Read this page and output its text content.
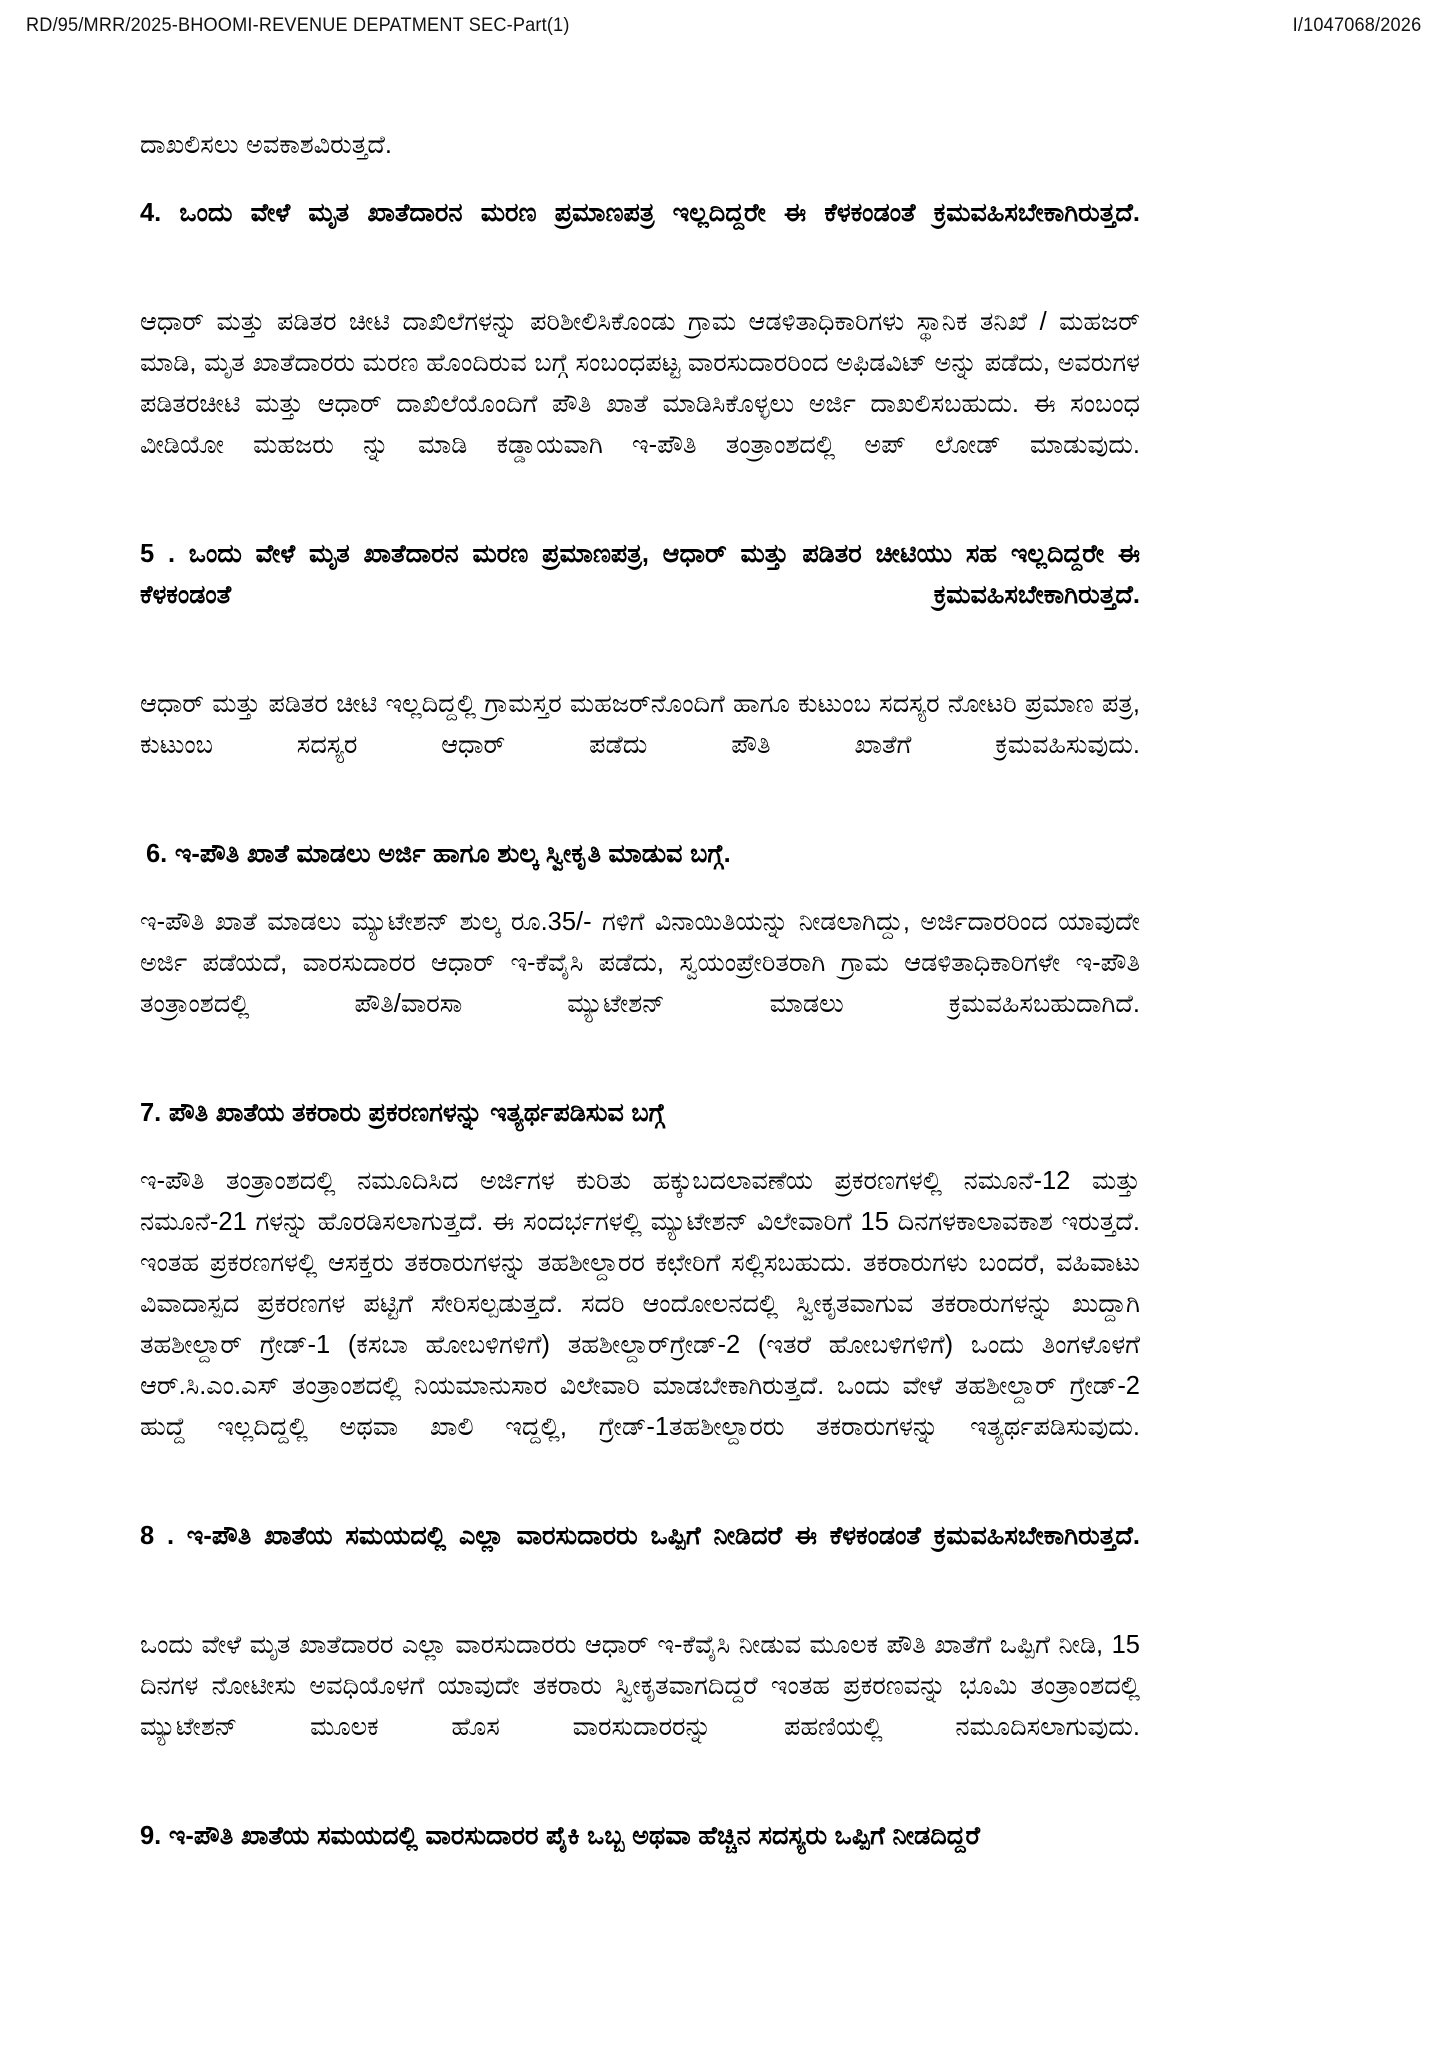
RD/95/MRR/2025-BHOOMI-REVENUE DEPATMENT SEC-Part(1)	I/1047068/2026

ದಾಖಲಿಸಲು ಅವಕಾಶವಿರುತ್ತದೆ.

4. ಒಂದು ವೇಳೆ ಮೃತ ಖಾತೆದಾರನ ಮರಣ ಪ್ರಮಾಣಪತ್ರ ಇಲ್ಲದಿದ್ದರೇ ಈ ಕೆಳಕಂಡಂತೆ ಕ್ರಮವಹಿಸಬೇಕಾಗಿರುತ್ತದೆ.

ಆಧಾರ್ ಮತ್ತು ಪಡಿತರ ಚೀಟಿ ದಾಖಿಲೆಗಳನ್ನು ಪರಿಶೀಲಿಸಿಕೊಂಡು ಗ್ರಾಮ ಆಡಳಿತಾಧಿಕಾರಿಗಳು ಸ್ಥಾನಿಕ ತನಿಖೆ / ಮಹಜರ್ ಮಾಡಿ, ಮೃತ ಖಾತೆದಾರರು ಮರಣ ಹೊಂದಿರುವ ಬಗ್ಗೆ ಸಂಬಂಧಪಟ್ಟ ವಾರಸುದಾರರಿಂದ ಅಫಿಡವಿಟ್ ಅನ್ನು ಪಡೆದು, ಅವರುಗಳ ಪಡಿತರಚೀಟಿ ಮತ್ತು ಆಧಾರ್ ದಾಖಿಲೆಯೊಂದಿಗೆ ಪೌತಿ ಖಾತೆ ಮಾಡಿಸಿಕೊಳ್ಳಲು ಅರ್ಜಿ ದಾಖಲಿಸಬಹುದು. ಈ ಸಂಬಂಧ ವೀಡಿಯೋ ಮಹಜರು ನ್ನು ಮಾಡಿ ಕಡ್ಡಾಯವಾಗಿ ಇ-ಪೌತಿ ತಂತ್ರಾಂಶದಲ್ಲಿ ಅಪ್ ಲೋಡ್ ಮಾಡುವುದು.

5 . ಒಂದು ವೇಳೆ ಮೃತ ಖಾತೆದಾರನ ಮರಣ ಪ್ರಮಾಣಪತ್ರ, ಆಧಾರ್ ಮತ್ತು ಪಡಿತರ ಚೀಟಿಯು ಸಹ ಇಲ್ಲದಿದ್ದರೇ ಈ ಕೆಳಕಂಡಂತೆ ಕ್ರಮವಹಿಸಬೇಕಾಗಿರುತ್ತದೆ.

ಆಧಾರ್ ಮತ್ತು ಪಡಿತರ ಚೀಟಿ ಇಲ್ಲದಿದ್ದಲ್ಲಿ ಗ್ರಾಮಸ್ತರ ಮಹಜರ್‌ನೊಂದಿಗೆ ಹಾಗೂ ಕುಟುಂಬ ಸದಸ್ಯರ ನೋಟರಿ ಪ್ರಮಾಣ ಪತ್ರ, ಕುಟುಂಬ ಸದಸ್ಯರ ಆಧಾರ್ ಪಡೆದು ಪೌತಿ ಖಾತೆಗೆ ಕ್ರಮವಹಿಸುವುದು.

6. ಇ-ಪೌತಿ ಖಾತೆ ಮಾಡಲು ಅರ್ಜಿ ಹಾಗೂ ಶುಲ್ಕ ಸ್ವೀಕೃತಿ ಮಾಡುವ ಬಗ್ಗೆ.

ಇ-ಪೌತಿ ಖಾತೆ ಮಾಡಲು ಮ್ಯುಟೇಶನ್ ಶುಲ್ಕ ರೂ.35/- ಗಳಿಗೆ ವಿನಾಯಿತಿಯನ್ನು ನೀಡಲಾಗಿದ್ದು, ಅರ್ಜಿದಾರರಿಂದ ಯಾವುದೇ ಅರ್ಜಿ ಪಡೆಯದೆ, ವಾರಸುದಾರರ ಆಧಾರ್ ಇ-ಕೆವೈಸಿ ಪಡೆದು, ಸ್ವಯಂಪ್ರೇರಿತರಾಗಿ ಗ್ರಾಮ ಆಡಳಿತಾಧಿಕಾರಿಗಳೇ ಇ-ಪೌತಿ ತಂತ್ರಾಂಶದಲ್ಲಿ ಪೌತಿ/ವಾರಸಾ ಮ್ಯುಟೇಶನ್ ಮಾಡಲು ಕ್ರಮವಹಿಸಬಹುದಾಗಿದೆ.

7. ಪೌತಿ ಖಾತೆಯ ತಕರಾರು ಪ್ರಕರಣಗಳನ್ನು ಇತ್ಯರ್ಥಪಡಿಸುವ ಬಗ್ಗೆ

ಇ-ಪೌತಿ ತಂತ್ರಾಂಶದಲ್ಲಿ ನಮೂದಿಸಿದ ಅರ್ಜಿಗಳ ಕುರಿತು ಹಕ್ಕುಬದಲಾವಣೆಯ ಪ್ರಕರಣಗಳಲ್ಲಿ ನಮೂನೆ-12 ಮತ್ತು ನಮೂನೆ-21 ಗಳನ್ನು ಹೊರಡಿಸಲಾಗುತ್ತದೆ. ಈ ಸಂದರ್ಭಗಳಲ್ಲಿ ಮ್ಯುಟೇಶನ್ ವಿಲೇವಾರಿಗೆ 15 ದಿನಗಳಕಾಲಾವಕಾಶ ಇರುತ್ತದೆ. ಇಂತಹ ಪ್ರಕರಣಗಳಲ್ಲಿ ಆಸಕ್ತರು ತಕರಾರುಗಳನ್ನು ತಹಶೀಲ್ದಾರರ ಕಛೇರಿಗೆ ಸಲ್ಲಿಸಬಹುದು. ತಕರಾರುಗಳು ಬಂದರೆ, ವಹಿವಾಟು ವಿವಾದಾಸ್ಪದ ಪ್ರಕರಣಗಳ ಪಟ್ಟಿಗೆ ಸೇರಿಸಲ್ಪಡುತ್ತದೆ. ಸದರಿ ಆಂದೋಲನದಲ್ಲಿ ಸ್ವೀಕೃತವಾಗುವ ತಕರಾರುಗಳನ್ನು ಖುದ್ದಾಗಿ ತಹಶೀಲ್ದಾರ್ ಗ್ರೇಡ್-1 (ಕಸಬಾ ಹೋಬಳಿಗಳಿಗೆ) ತಹಶೀಲ್ದಾರ್‌ಗ್ರೇಡ್-2 (ಇತರೆ ಹೋಬಳಿಗಳಿಗೆ) ಒಂದು ತಿಂಗಳೊಳಗೆ ಆರ್.ಸಿ.ಎಂ.ಎಸ್ ತಂತ್ರಾಂಶದಲ್ಲಿ ನಿಯಮಾನುಸಾರ ವಿಲೇವಾರಿ ಮಾಡಬೇಕಾಗಿರುತ್ತದೆ. ಒಂದು ವೇಳೆ ತಹಶೀಲ್ದಾರ್ ಗ್ರೇಡ್-2 ಹುದ್ದೆ ಇಲ್ಲದಿದ್ದಲ್ಲಿ ಅಥವಾ ಖಾಲಿ ಇದ್ದಲ್ಲಿ, ಗ್ರೇಡ್-1ತಹಶೀಲ್ದಾರರು ತಕರಾರುಗಳನ್ನು ಇತ್ಯರ್ಥಪಡಿಸುವುದು.

8 . ಇ-ಪೌತಿ ಖಾತೆಯ ಸಮಯದಲ್ಲಿ ಎಲ್ಲಾ ವಾರಸುದಾರರು ಒಪ್ಪಿಗೆ ನೀಡಿದರೆ ಈ ಕೆಳಕಂಡಂತೆ ಕ್ರಮವಹಿಸಬೇಕಾಗಿರುತ್ತದೆ.

ಒಂದು ವೇಳೆ ಮೃತ ಖಾತೆದಾರರ ಎಲ್ಲಾ ವಾರಸುದಾರರು ಆಧಾರ್ ಇ-ಕೆವೈಸಿ ನೀಡುವ ಮೂಲಕ ಪೌತಿ ಖಾತೆಗೆ ಒಪ್ಪಿಗೆ ನೀಡಿ, 15 ದಿನಗಳ ನೋಟೀಸು ಅವಧಿಯೊಳಗೆ ಯಾವುದೇ ತಕರಾರು ಸ್ವೀಕೃತವಾಗದಿದ್ದರೆ ಇಂತಹ ಪ್ರಕರಣವನ್ನು ಭೂಮಿ ತಂತ್ರಾಂಶದಲ್ಲಿ ಮ್ಯುಟೇಶನ್ ಮೂಲಕ ಹೊಸ ವಾರಸುದಾರರನ್ನು ಪಹಣಿಯಲ್ಲಿ ನಮೂದಿಸಲಾಗುವುದು.

9. ಇ-ಪೌತಿ ಖಾತೆಯ ಸಮಯದಲ್ಲಿ ವಾರಸುದಾರರ ಪೈಕಿ ಒಬ್ಬ ಅಥವಾ ಹೆಚ್ಚಿನ ಸದಸ್ಯರು ಒಪ್ಪಿಗೆ ನೀಡದಿದ್ದರೆ
